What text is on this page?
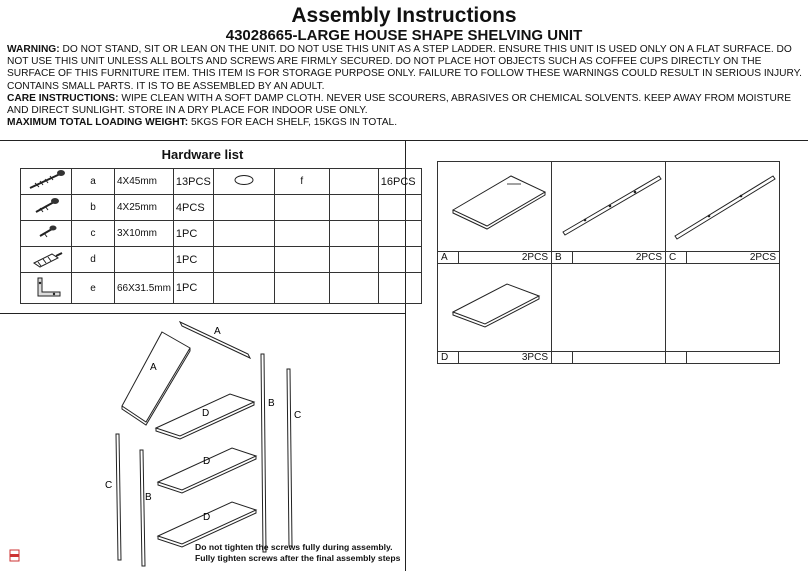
Assembly Instructions
43028665-LARGE HOUSE SHAPE SHELVING UNIT
WARNING: DO NOT STAND, SIT OR LEAN ON THE UNIT. DO NOT USE THIS UNIT AS A STEP LADDER. ENSURE THIS UNIT IS USED ONLY ON A FLAT SURFACE. DO NOT USE THIS UNIT UNLESS ALL BOLTS AND SCREWS ARE FIRMLY SECURED. DO NOT PLACE HOT OBJECTS SUCH AS COFFEE CUPS DIRECTLY ON THE SURFACE OF THIS FURNITURE ITEM. THIS ITEM IS FOR STORAGE PURPOSE ONLY. FAILURE TO FOLLOW THESE WARNINGS COULD RESULT IN SERIOUS INJURY. CONTAINS SMALL PARTS. IT IS TO BE ASSEMBLED BY AN ADULT.
CARE INSTRUCTIONS: WIPE CLEAN WITH A SOFT DAMP CLOTH. NEVER USE SCOURERS, ABRASIVES OR CHEMICAL SOLVENTS. KEEP AWAY FROM MOISTURE AND DIRECT SUNLIGHT. STORE IN A DRY PLACE FOR INDOOR USE ONLY.
MAXIMUM TOTAL LOADING WEIGHT: 5KGS FOR EACH SHELF, 15KGS IN TOTAL.
Hardware list
	a	4X45mm	13PCS		f		16PCS
	b	4X25mm	4PCS				
	c	3X10mm	1PC				
	d		1PC				
	e	66X31.5mm	1PC				

A	2PCS	B	2PCS	C	2PCS

D	3PCS				
A
A
D
D
D
B
C
C
B
Do not tighten the screws fully during assembly.
Fully tighten screws after the final assembly steps
